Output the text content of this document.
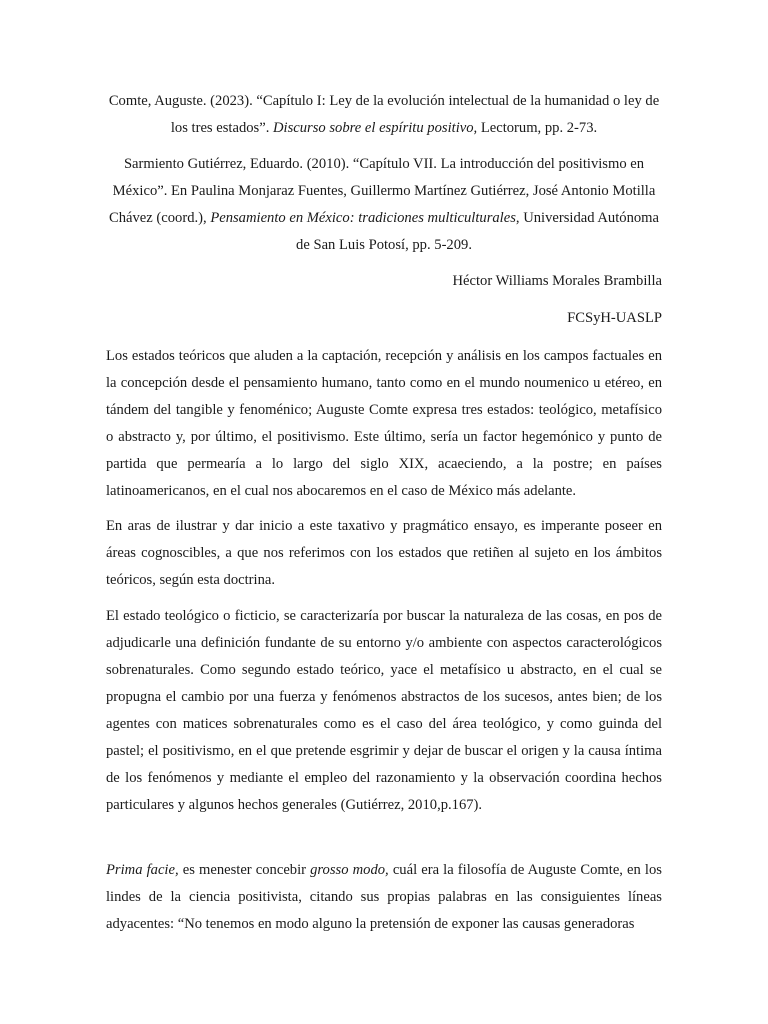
Comte, Auguste. (2023). “Capítulo I: Ley de la evolución intelectual de la humanidad o ley de los tres estados”. Discurso sobre el espíritu positivo, Lectorum, pp. 2-73.

Sarmiento Gutiérrez, Eduardo. (2010). “Capítulo VII. La introducción del positivismo en México”. En Paulina Monjaraz Fuentes, Guillermo Martínez Gutiérrez, José Antonio Motilla Chávez (coord.), Pensamiento en México: tradiciones multiculturales, Universidad Autónoma de San Luis Potosí, pp. 5-209.

Héctor Williams Morales Brambilla

FCSyH-UASLP

Los estados teóricos que aluden a la captación, recepción y análisis en los campos factuales en la concepción desde el pensamiento humano, tanto como en el mundo noumenico u etéreo, en tándem del tangible y fenoménico; Auguste Comte expresa tres estados: teológico, metafísico o abstracto y, por último, el positivismo. Este último, sería un factor hegemónico y punto de partida que permearía a lo largo del siglo XIX, acaeciendo, a la postre; en países latinoamericanos, en el cual nos abocaremos en el caso de México más adelante.

En aras de ilustrar y dar inicio a este taxativo y pragmático ensayo, es imperante poseer en áreas cognoscibles, a que nos referimos con los estados que retiñen al sujeto en los ámbitos teóricos, según esta doctrina.

El estado teológico o ficticio, se caracterizaría por buscar la naturaleza de las cosas, en pos de adjudicarle una definición fundante de su entorno y/o ambiente con aspectos caracterológicos sobrenaturales. Como segundo estado teórico, yace el metafísico u abstracto, en el cual se propugna el cambio por una fuerza y fenómenos abstractos de los sucesos, antes bien; de los agentes con matices sobrenaturales como es el caso del área teológico, y como guinda del pastel; el positivismo, en el que pretende esgrimir y dejar de buscar el origen y la causa íntima de los fenómenos y mediante el empleo del razonamiento y la observación coordina hechos particulares y algunos hechos generales (Gutiérrez, 2010,p.167).

Prima facie, es menester concebir grosso modo, cuál era la filosofía de Auguste Comte, en los lindes de la ciencia positivista, citando sus propias palabras en las consiguientes líneas adyacentes: “No tenemos en modo alguno la pretensión de exponer las causas generadoras
